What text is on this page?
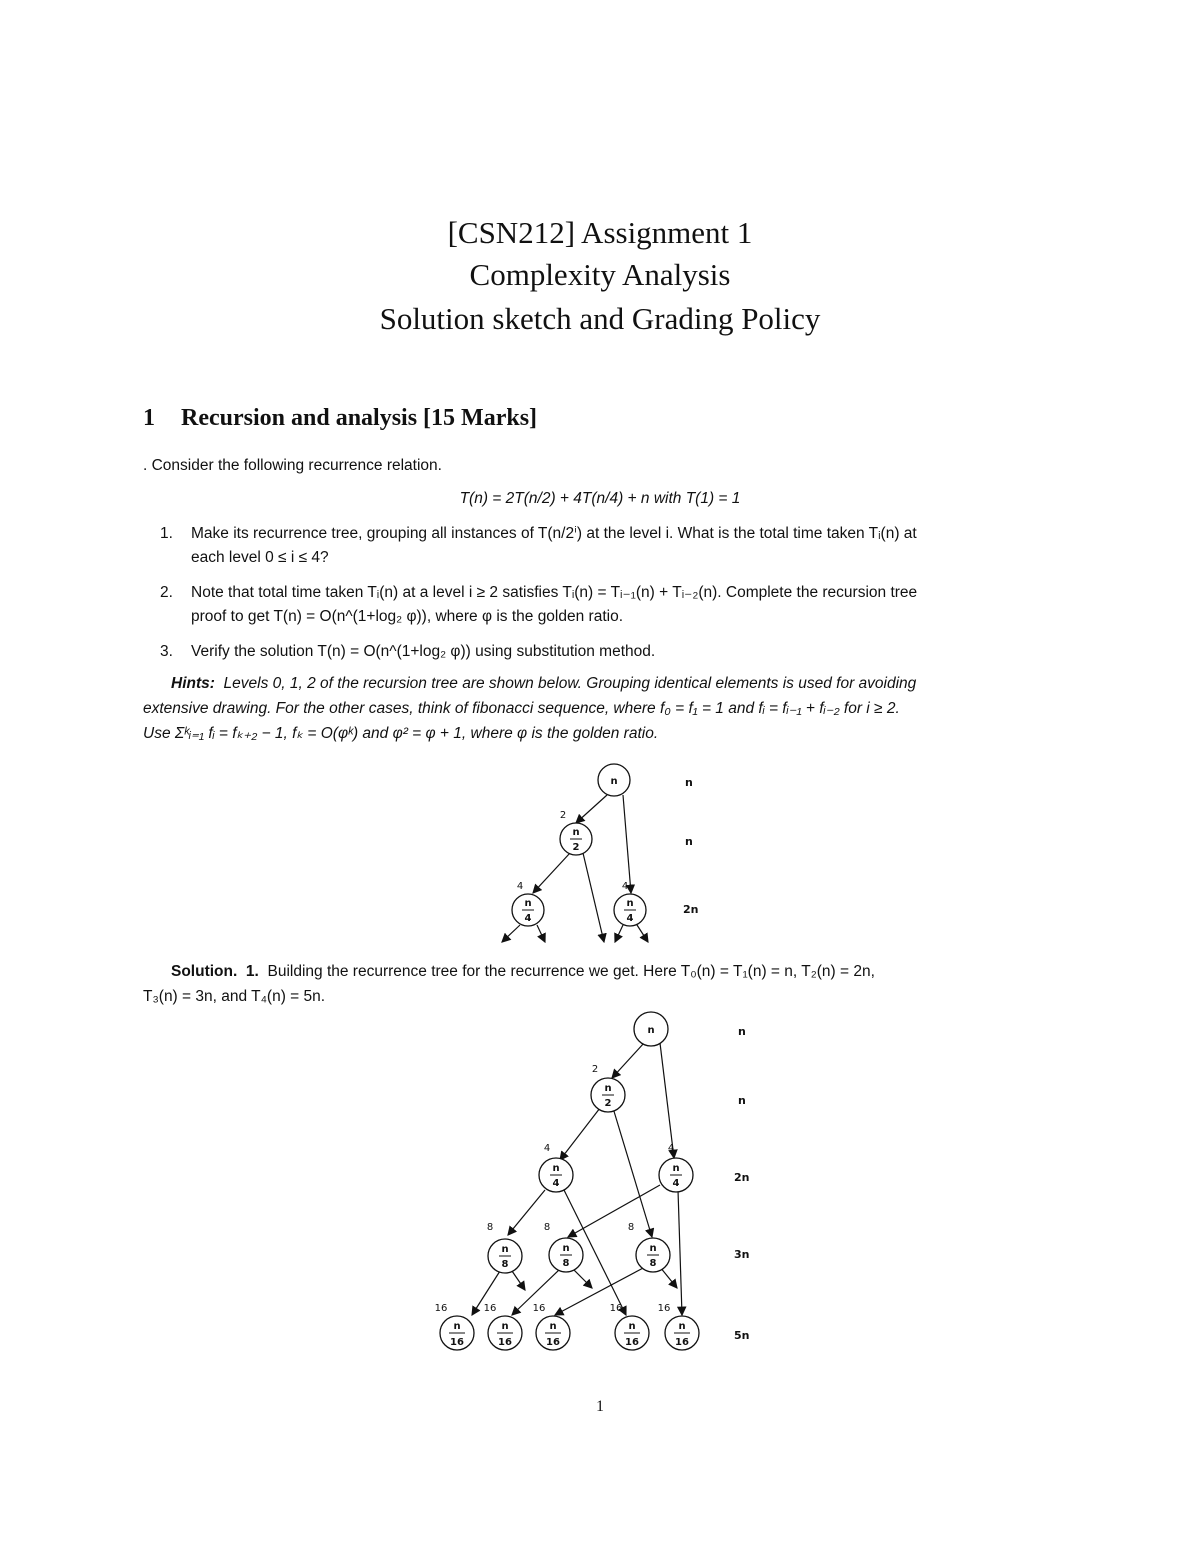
[CSN212] Assignment 1
Complexity Analysis
Solution sketch and Grading Policy
1 Recursion and analysis [15 Marks]
. Consider the following recurrence relation.
T(n) = 2T(n/2) + 4T(n/4) + n with T(1) = 1
1. Make its recurrence tree, grouping all instances of T(n/2ⁱ) at the level i. What is the total time taken Tᵢ(n) at
each level 0 ≤ i ≤ 4?
2. Note that total time taken Tᵢ(n) at a level i ≥ 2 satisfies Tᵢ(n) = Tᵢ₋₁(n) + Tᵢ₋₂(n). Complete the recursion tree
proof to get T(n) = O(n^(1+log₂ φ)), where φ is the golden ratio.
3. Verify the solution T(n) = O(n^(1+log₂ φ)) using substitution method.
Hints: Levels 0, 1, 2 of the recursion tree are shown below. Grouping identical elements is used for avoiding
extensive drawing. For the other cases, think of fibonacci sequence, where f₀ = f₁ = 1 and fᵢ = fᵢ₋₁ + fᵢ₋₂ for i ≥ 2.
Use Σᵏᵢ₌₁ fᵢ = fₖ₊₂ − 1, fₖ = O(φᵏ) and φ² = φ + 1, where φ is the golden ratio.
n
n
2
n
4
n
4
2
4	4
n
n
2n
Solution. 1. Building the recurrence tree for the recurrence we get. Here T₀(n) = T₁(n) = n, T₂(n) = 2n,
T₃(n) = 3n, and T₄(n) = 5n.
n
n
2
n
4
n
4
n
8
n
8
n
8
n
16
n
16
n
16
n
16
n
16
2
4	4
8	8	8
16	16	16	16	16
n
n
2n
3n
5n
1
